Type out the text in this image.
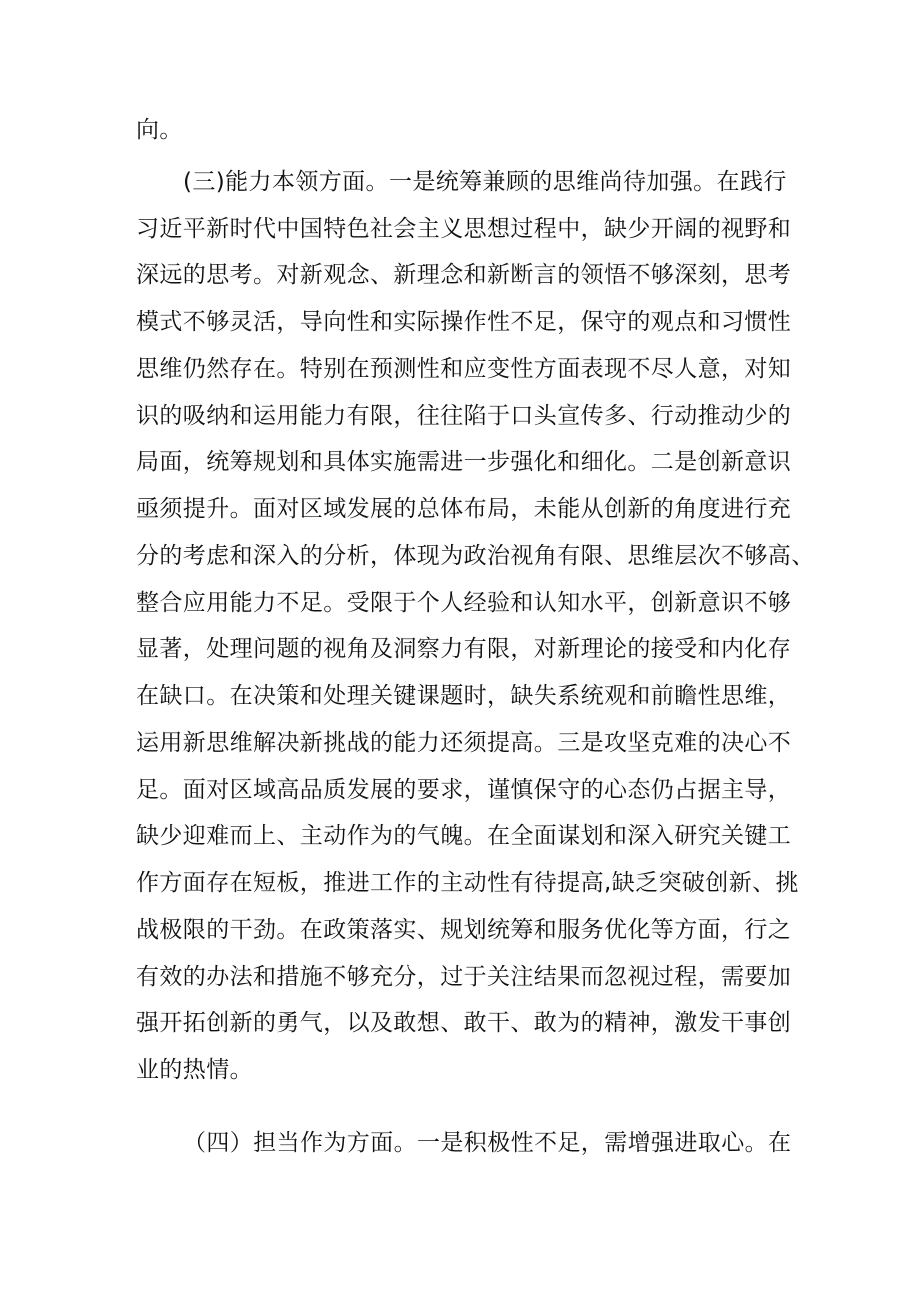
向。
(三)能力本领方面。一是统筹兼顾的思维尚待加强。在践行
习近平新时代中国特色社会主义思想过程中，缺少开阔的视野和
深远的思考。对新观念、新理念和新断言的领悟不够深刻，思考
模式不够灵活，导向性和实际操作性不足，保守的观点和习惯性
思维仍然存在。特别在预测性和应变性方面表现不尽人意，对知
识的吸纳和运用能力有限，往往陷于口头宣传多、行动推动少的
局面，统筹规划和具体实施需进一步强化和细化。二是创新意识
亟须提升。面对区域发展的总体布局，未能从创新的角度进行充
分的考虑和深入的分析，体现为政治视角有限、思维层次不够高、
整合应用能力不足。受限于个人经验和认知水平，创新意识不够
显著，处理问题的视角及洞察力有限，对新理论的接受和内化存
在缺口。在决策和处理关键课题时，缺失系统观和前瞻性思维，
运用新思维解决新挑战的能力还须提高。三是攻坚克难的决心不
足。面对区域高品质发展的要求，谨慎保守的心态仍占据主导，
缺少迎难而上、主动作为的气魄。在全面谋划和深入研究关键工
作方面存在短板，推进工作的主动性有待提高,缺乏突破创新、挑
战极限的干劲。在政策落实、规划统筹和服务优化等方面，行之
有效的办法和措施不够充分，过于关注结果而忽视过程，需要加
强开拓创新的勇气，以及敢想、敢干、敢为的精神，激发干事创
业的热情。
（四）担当作为方面。一是积极性不足，需增强进取心。在
